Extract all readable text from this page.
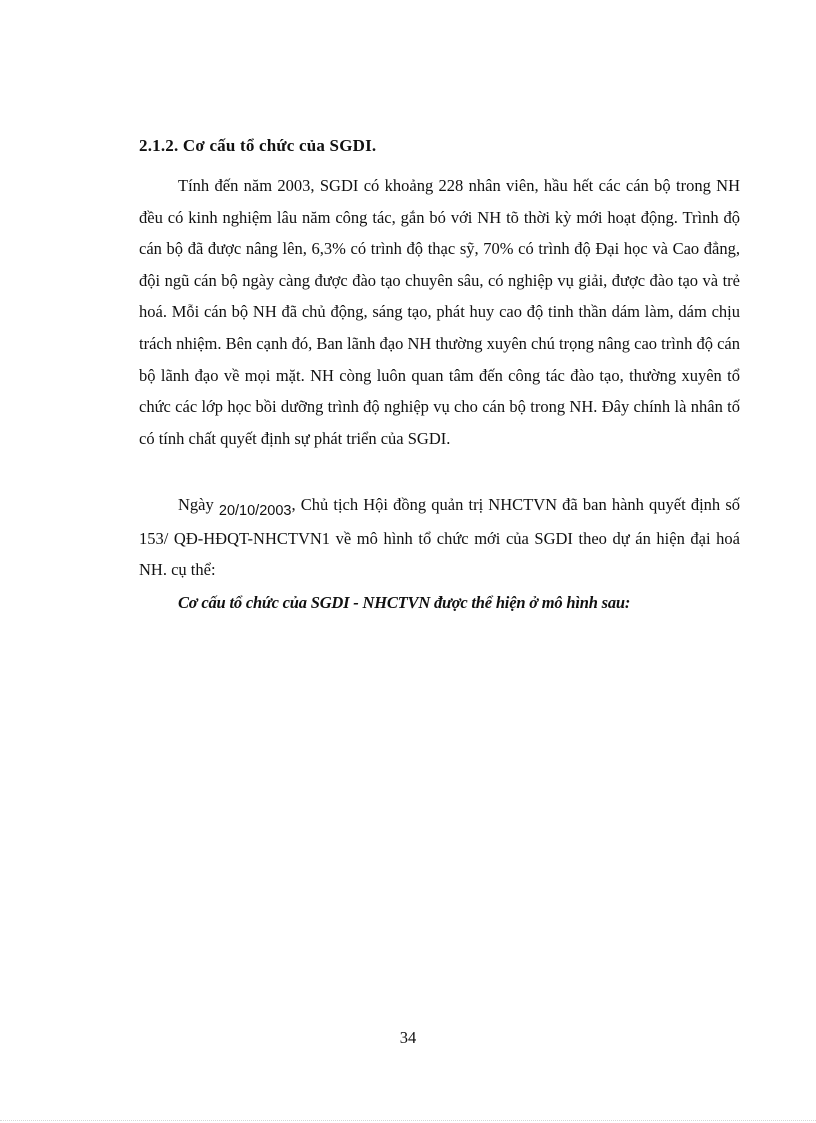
2.1.2. Cơ cấu tổ chức của SGDI.

Tính đến năm 2003, SGDI có khoảng 228 nhân viên, hầu hết các cán bộ trong NH đều có kinh nghiệm lâu năm công tác, gắn bó với NH tõ thời kỳ mới hoạt động. Trình độ cán bộ đã được nâng lên, 6,3% có trình độ thạc sỹ, 70% có trình độ Đại học và Cao đẳng, đội ngũ cán bộ ngày càng được đào tạo chuyên sâu, có nghiệp vụ giải, được đào tạo và trẻ hoá. Mỗi cán bộ NH đã chủ động, sáng tạo, phát huy cao độ tinh thần dám làm, dám chịu trách nhiệm. Bên cạnh đó, Ban lãnh đạo NH thường xuyên chú trọng nâng cao trình độ cán bộ lãnh đạo về mọi mặt. NH còng luôn quan tâm đến công tác đào tạo, thường xuyên tổ chức các lớp học bồi dưỡng trình độ nghiệp vụ cho cán bộ trong NH. Đây chính là nhân tố có tính chất quyết định sự phát triển của SGDI.

Ngày 20/10/2003, Chủ tịch Hội đồng quản trị NHCTVN đã ban hành quyết định số 153/ QĐ-HĐQT-NHCTVN1 về mô hình tổ chức mới của SGDI theo dự án hiện đại hoá NH. cụ thể:

Cơ cấu tổ chức của SGDI - NHCTVN được thể hiện ở mô hình sau:
34
